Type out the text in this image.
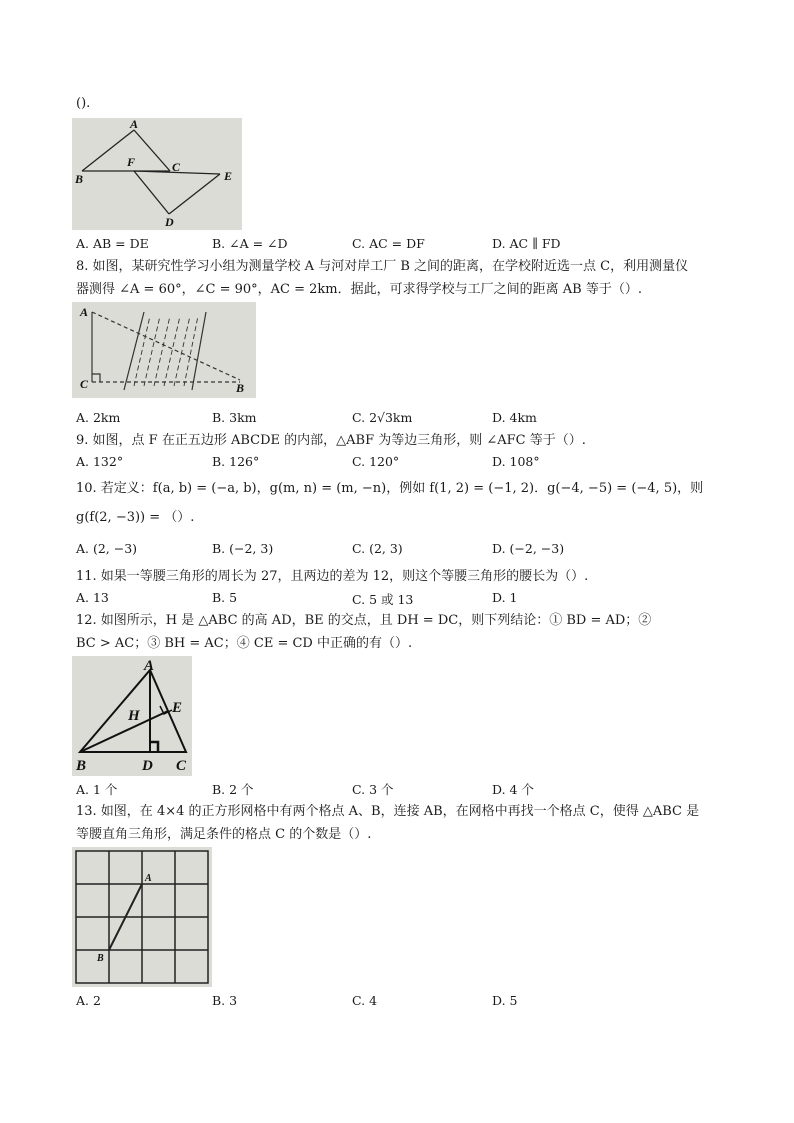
().
A
B
C
D
E
F
A. AB = DE	B. ∠A = ∠D	C. AC = DF	D. AC ∥ FD
8. 如图，某研究性学习小组为测量学校 A 与河对岸工厂 B 之间的距离，在学校附近选一点 C，利用测量仪
器测得 ∠A = 60°，∠C = 90°，AC = 2km．据此，可求得学校与工厂之间的距离 AB 等于（）.
A
C	B
A. 2km	B. 3km	C. 2√3km	D. 4km
9. 如图，点 F 在正五边形 ABCDE 的内部，△ABF 为等边三角形，则 ∠AFC 等于（）.
A. 132°	B. 126°	C. 120°	D. 108°
10. 若定义：f(a, b) = (−a, b)，g(m, n) = (m, −n)，例如 f(1, 2) = (−1, 2)．g(−4, −5) = (−4, 5)，则
g(f(2, −3)) = （）.
A. (2, −3)	B. (−2, 3)	C. (2, 3)	D. (−2, −3)
11. 如果一等腰三角形的周长为 27，且两边的差为 12，则这个等腰三角形的腰长为（）.
A. 13	B. 5	C. 5 或 13	D. 1
12. 如图所示，H 是 △ABC 的高 AD，BE 的交点，且 DH = DC，则下列结论：① BD = AD；②
BC > AC；③ BH = AC；④ CE = CD 中正确的有（）.
A
B	C
D
E
H
A. 1 个	B. 2 个	C. 3 个	D. 4 个
13. 如图，在 4×4 的正方形网格中有两个格点 A、B，连接 AB，在网格中再找一个格点 C，使得 △ABC 是
等腰直角三角形，满足条件的格点 C 的个数是（）.
A
B
A. 2	B. 3	C. 4	D. 5
